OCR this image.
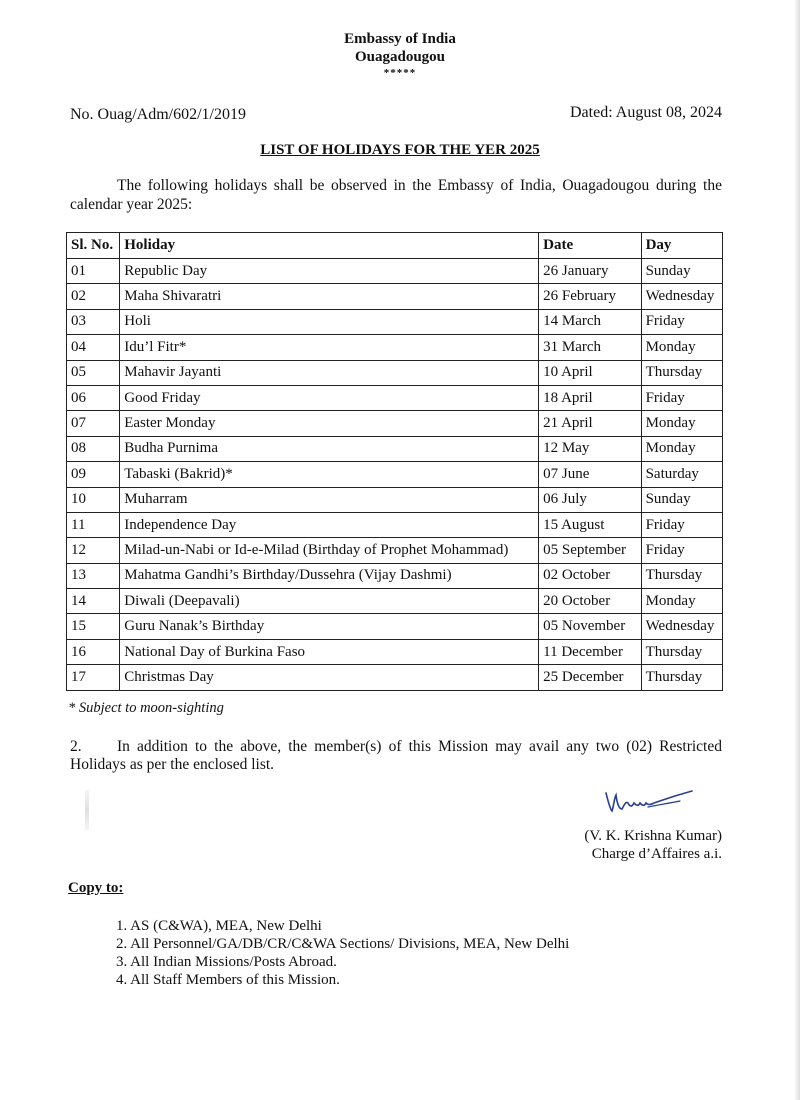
Embassy of India
Ouagadougou
*****
No. Ouag/Adm/602/1/2019	Dated: August 08, 2024
LIST OF HOLIDAYS FOR THE YER 2025
The following holidays shall be observed in the Embassy of India, Ouagadougou during the calendar year 2025:
Sl. No.	Holiday	Date	Day
01	Republic Day	26 January	Sunday
02	Maha Shivaratri	26 February	Wednesday
03	Holi	14 March	Friday
04	Idu’l Fitr*	31 March	Monday
05	Mahavir Jayanti	10 April	Thursday
06	Good Friday	18 April	Friday
07	Easter Monday	21 April	Monday
08	Budha Purnima	12 May	Monday
09	Tabaski (Bakrid)*	07 June	Saturday
10	Muharram	06 July	Sunday
11	Independence Day	15 August	Friday
12	Milad-un-Nabi or Id-e-Milad (Birthday of Prophet Mohammad)	05 September	Friday
13	Mahatma Gandhi’s Birthday/Dussehra (Vijay Dashmi)	02 October	Thursday
14	Diwali (Deepavali)	20 October	Monday
15	Guru Nanak’s Birthday	05 November	Wednesday
16	National Day of Burkina Faso	11 December	Thursday
17	Christmas Day	25 December	Thursday
* Subject to moon-sighting
2. In addition to the above, the member(s) of this Mission may avail any two (02) Restricted Holidays as per the enclosed list.
(V. K. Krishna Kumar)
Charge d’Affaires a.i.
Copy to:
1. AS (C&WA), MEA, New Delhi
2. All Personnel/GA/DB/CR/C&WA Sections/ Divisions, MEA, New Delhi
3. All Indian Missions/Posts Abroad.
4. All Staff Members of this Mission.
